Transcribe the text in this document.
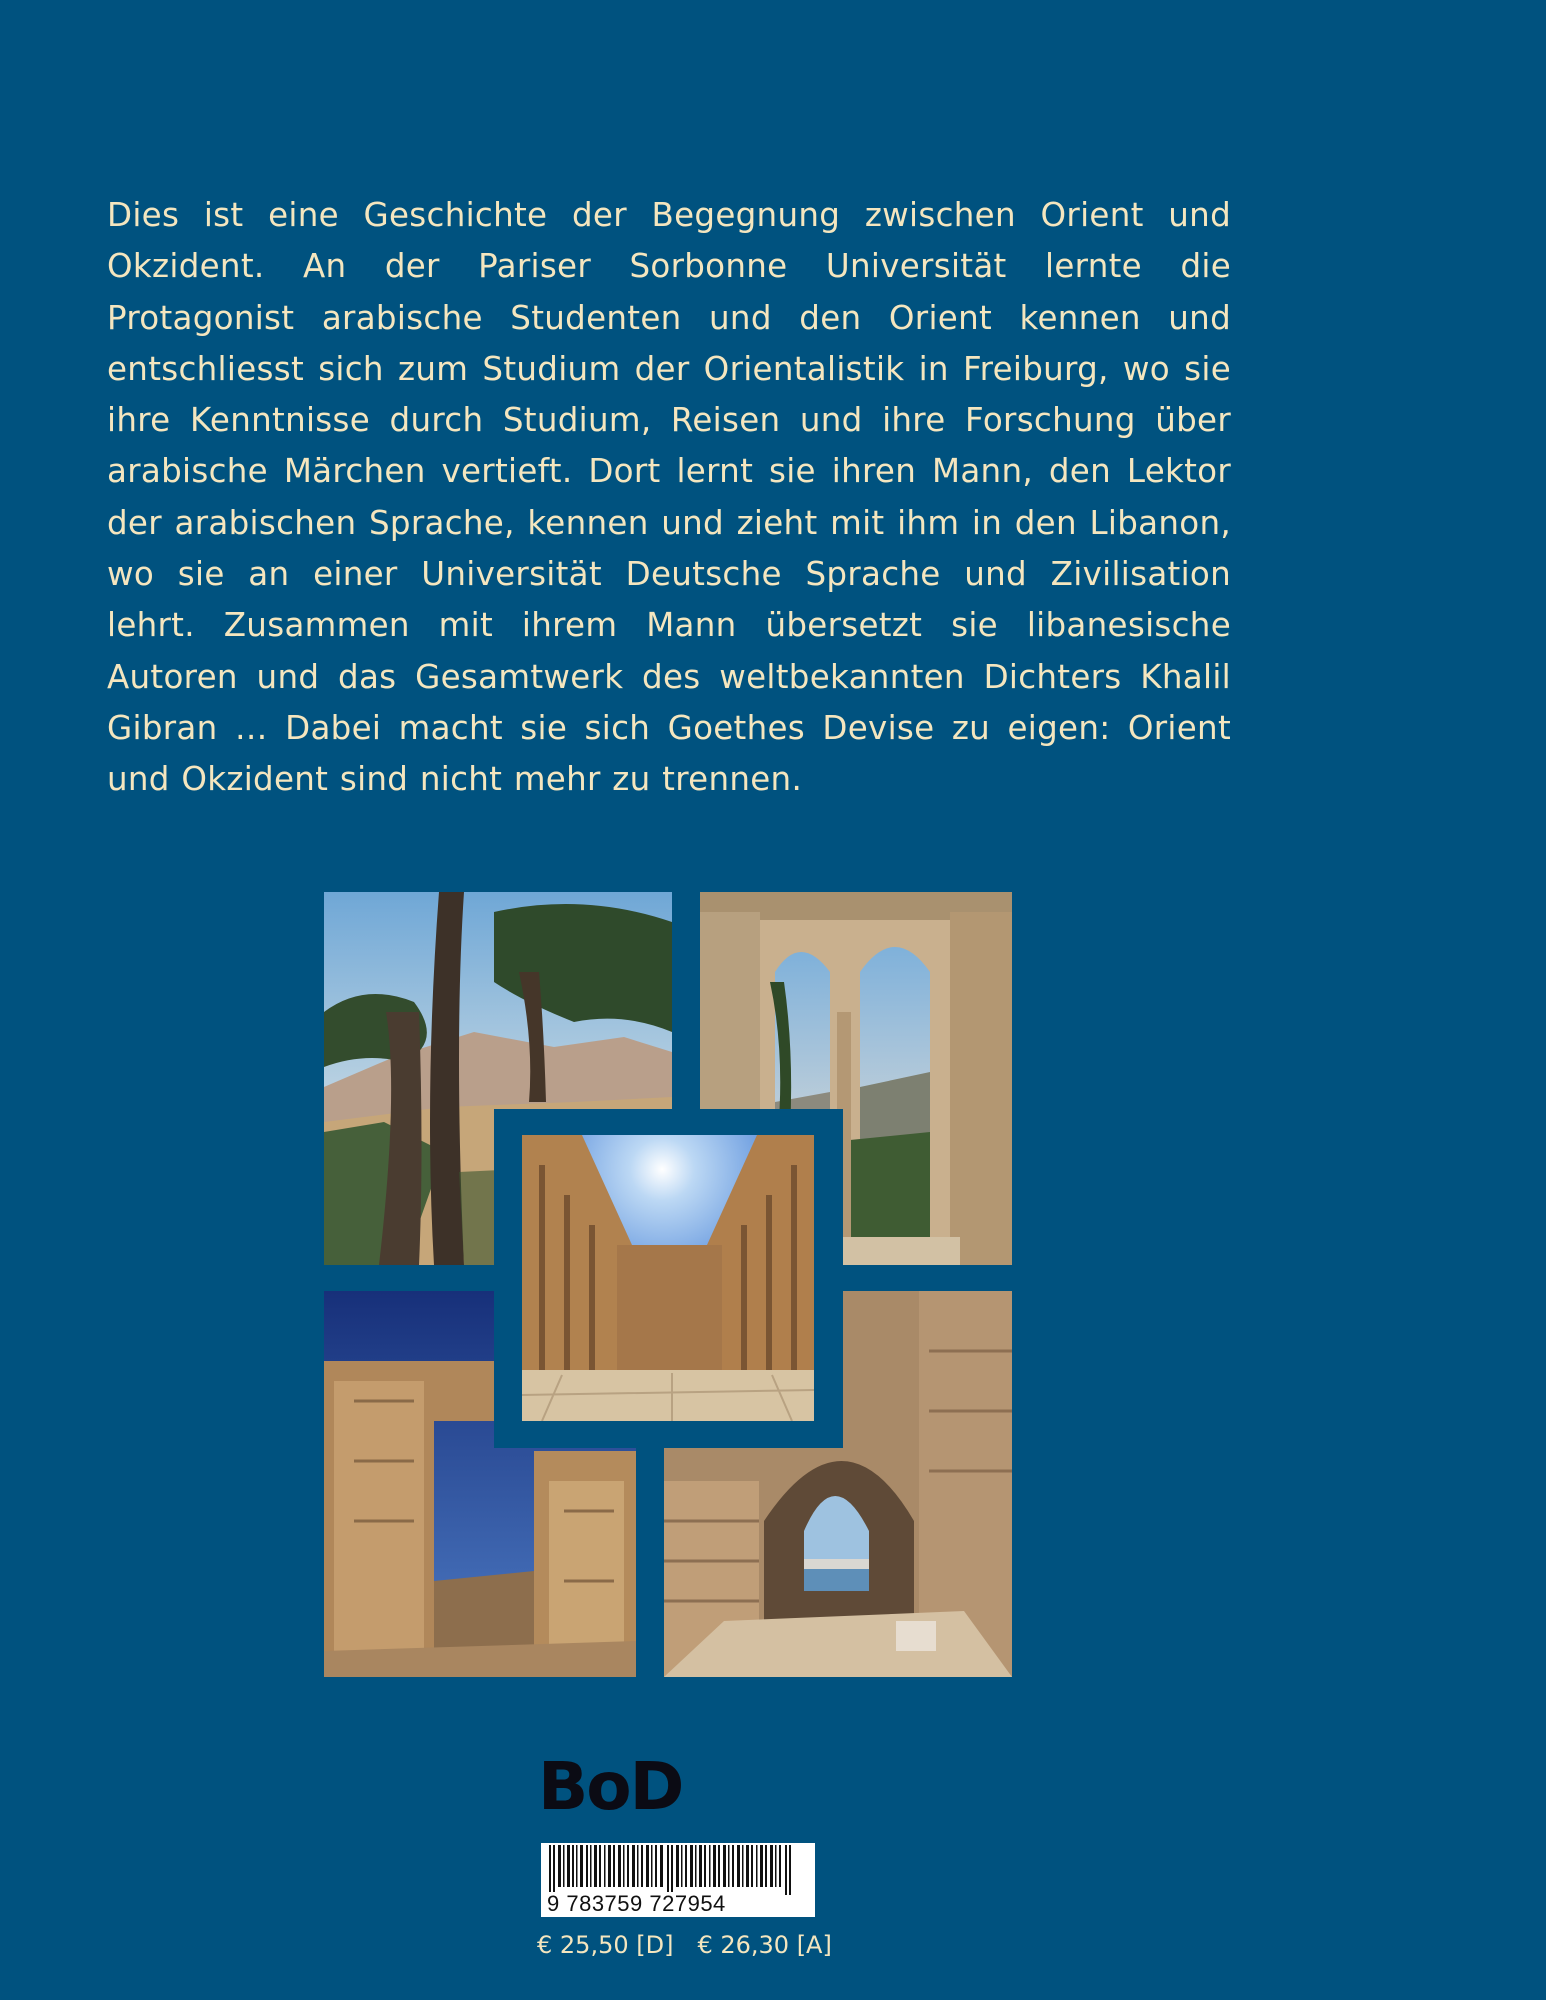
Dies ist eine Geschichte der Begegnung zwischen Orient und Okzident. An der Pariser Sorbonne Universität lernte die Protagonist arabische Studenten und den Orient kennen und entschliesst sich zum Studium der Orientalistik in Freiburg, wo sie ihre Kenntnisse durch Studium, Reisen und ihre Forschung über arabische Märchen vertieft. Dort lernt sie ihren Mann, den Lektor der arabischen Sprache, kennen und zieht mit ihm in den Libanon, wo sie an einer Universität Deutsche Sprache und Zivilisation lehrt. Zusammen mit ihrem Mann übersetzt sie libanesische Autoren und das Gesamtwerk des weltbekannten Dichters Khalil Gibran … Dabei macht sie sich Goethes Devise zu eigen: Orient und Okzident sind nicht mehr zu trennen.

BoD
9 783759 727954
€ 25,50 [D] € 26,30 [A]
